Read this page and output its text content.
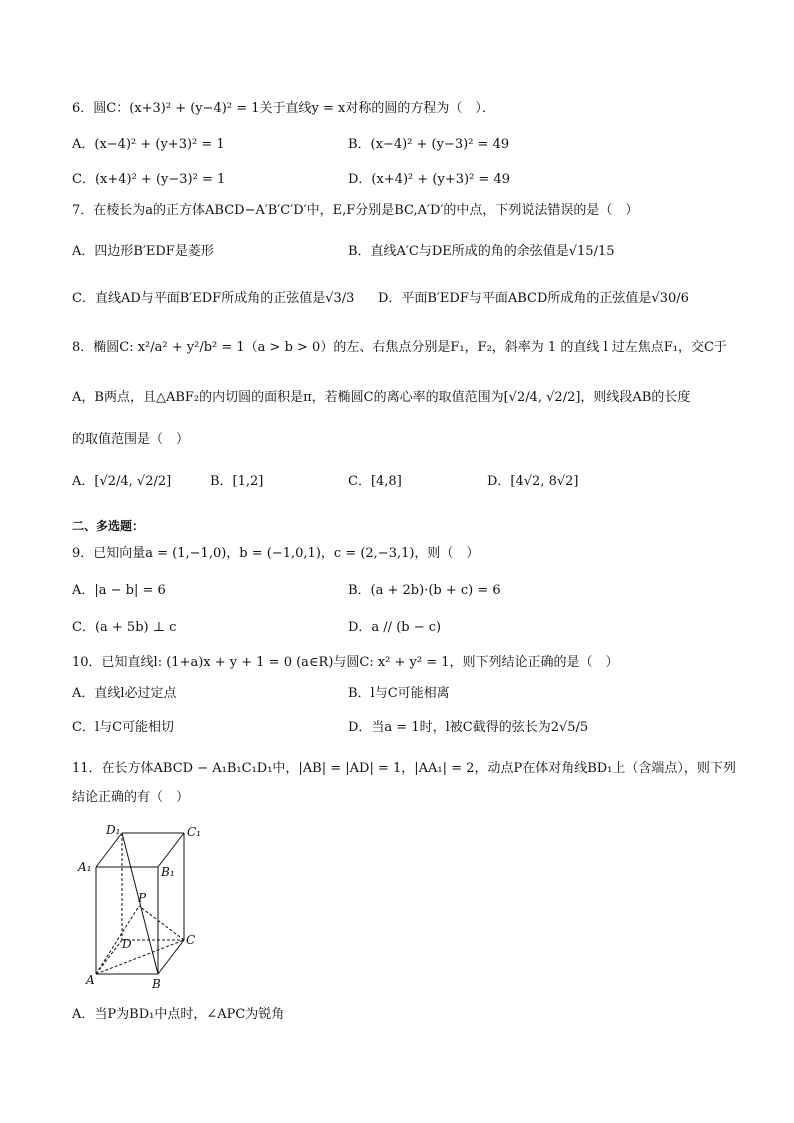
6．圆C：(x+3)² + (y−4)² = 1关于直线y = x对称的圆的方程为（　）．
A．(x−4)² + (y+3)² = 1	B．(x−4)² + (y−3)² = 49
C．(x+4)² + (y−3)² = 1	D．(x+4)² + (y+3)² = 49
7．在棱长为a的正方体ABCD−A′B′C′D′中，E,F分别是BC,A′D′的中点，下列说法错误的是（　）
A．四边形B′EDF是菱形	B．直线A′C与DE所成的角的余弦值是√15/15
C．直线AD与平面B′EDF所成角的正弦值是√3/3 D．平面B′EDF与平面ABCD所成角的正弦值是√30/6
8．椭圆C: x²/a² + y²/b² = 1（a > b > 0）的左、右焦点分别是F₁，F₂，斜率为 1 的直线 l 过左焦点F₁，交C于
A，B两点，且△ABF₂的内切圆的面积是π，若椭圆C的离心率的取值范围为[√2/4, √2/2]，则线段AB的长度
的取值范围是（　）
A．[√2/4, √2/2]	B．[1,2]	C．[4,8]	D．[4√2, 8√2]
二、多选题：
9．已知向量a = (1,−1,0)，b = (−1,0,1)，c = (2,−3,1)，则（　）
A．|a − b| = 6	B．(a + 2b)·(b + c) = 6
C．(a + 5b) ⊥ c	D．a // (b − c)
10．已知直线l: (1+a)x + y + 1 = 0 (a∈R)与圆C: x² + y² = 1，则下列结论正确的是（　）
A．直线l必过定点	B．l与C可能相离
C．l与C可能相切	D．当a = 1时，l被C截得的弦长为2√5/5
11．在长方体ABCD − A₁B₁C₁D₁中，|AB| = |AD| = 1，|AA₁| = 2，动点P在体对角线BD₁上（含端点），则下列
结论正确的有（　）
D₁	C₁
A₁	B₁
P
D	C
A	B
A．当P为BD₁中点时，∠APC为锐角
